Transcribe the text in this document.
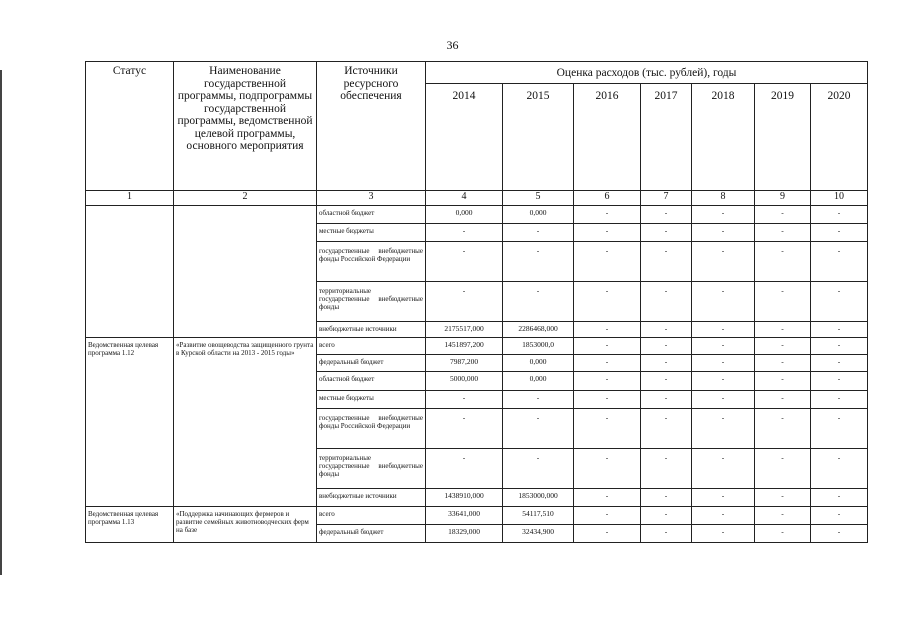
36
Статус	Наименование государственной программы, подпрограммы государственной программы, ведомственной целевой программы, основного мероприятия	Источники ресурсного обеспечения	Оценка расходов (тыс. рублей), годы						
			2014	2015	2016	2017	2018	2019	2020
1	2	3	4	5	6	7	8	9	10
		областной бюджет	0,000	0,000	-	-	-	-	-
		местные бюджеты	-	-	-	-	-	-	-
		государственные внебюджетные фонды Российской Федерации	-	-	-	-	-	-	-
		территориальные государственные внебюджетные фонды	-	-	-	-	-	-	-
		внебюджетные источники	2175517,000	2286468,000	-	-	-	-	-
Ведомственная целевая программа 1.12	«Развитие овощеводства защищенного грунта в Курской области на 2013 - 2015 годы»	всего	1451897,200	1853000,0	-	-	-	-	-
		федеральный бюджет	7987,200	0,000	-	-	-	-	-
		областной бюджет	5000,000	0,000	-	-	-	-	-
		местные бюджеты	-	-	-	-	-	-	-
		государственные внебюджетные фонды Российской Федерации	-	-	-	-	-	-	-
		территориальные государственные внебюджетные фонды	-	-	-	-	-	-	-
		внебюджетные источники	1438910,000	1853000,000	-	-	-	-	-
Ведомственная целевая программа 1.13	«Поддержка начинающих фермеров и развитие семейных животноводческих ферм на базе	всего	33641,000	54117,510	-	-	-	-	-
		федеральный бюджет	18329,000	32434,900	-	-	-	-	-
